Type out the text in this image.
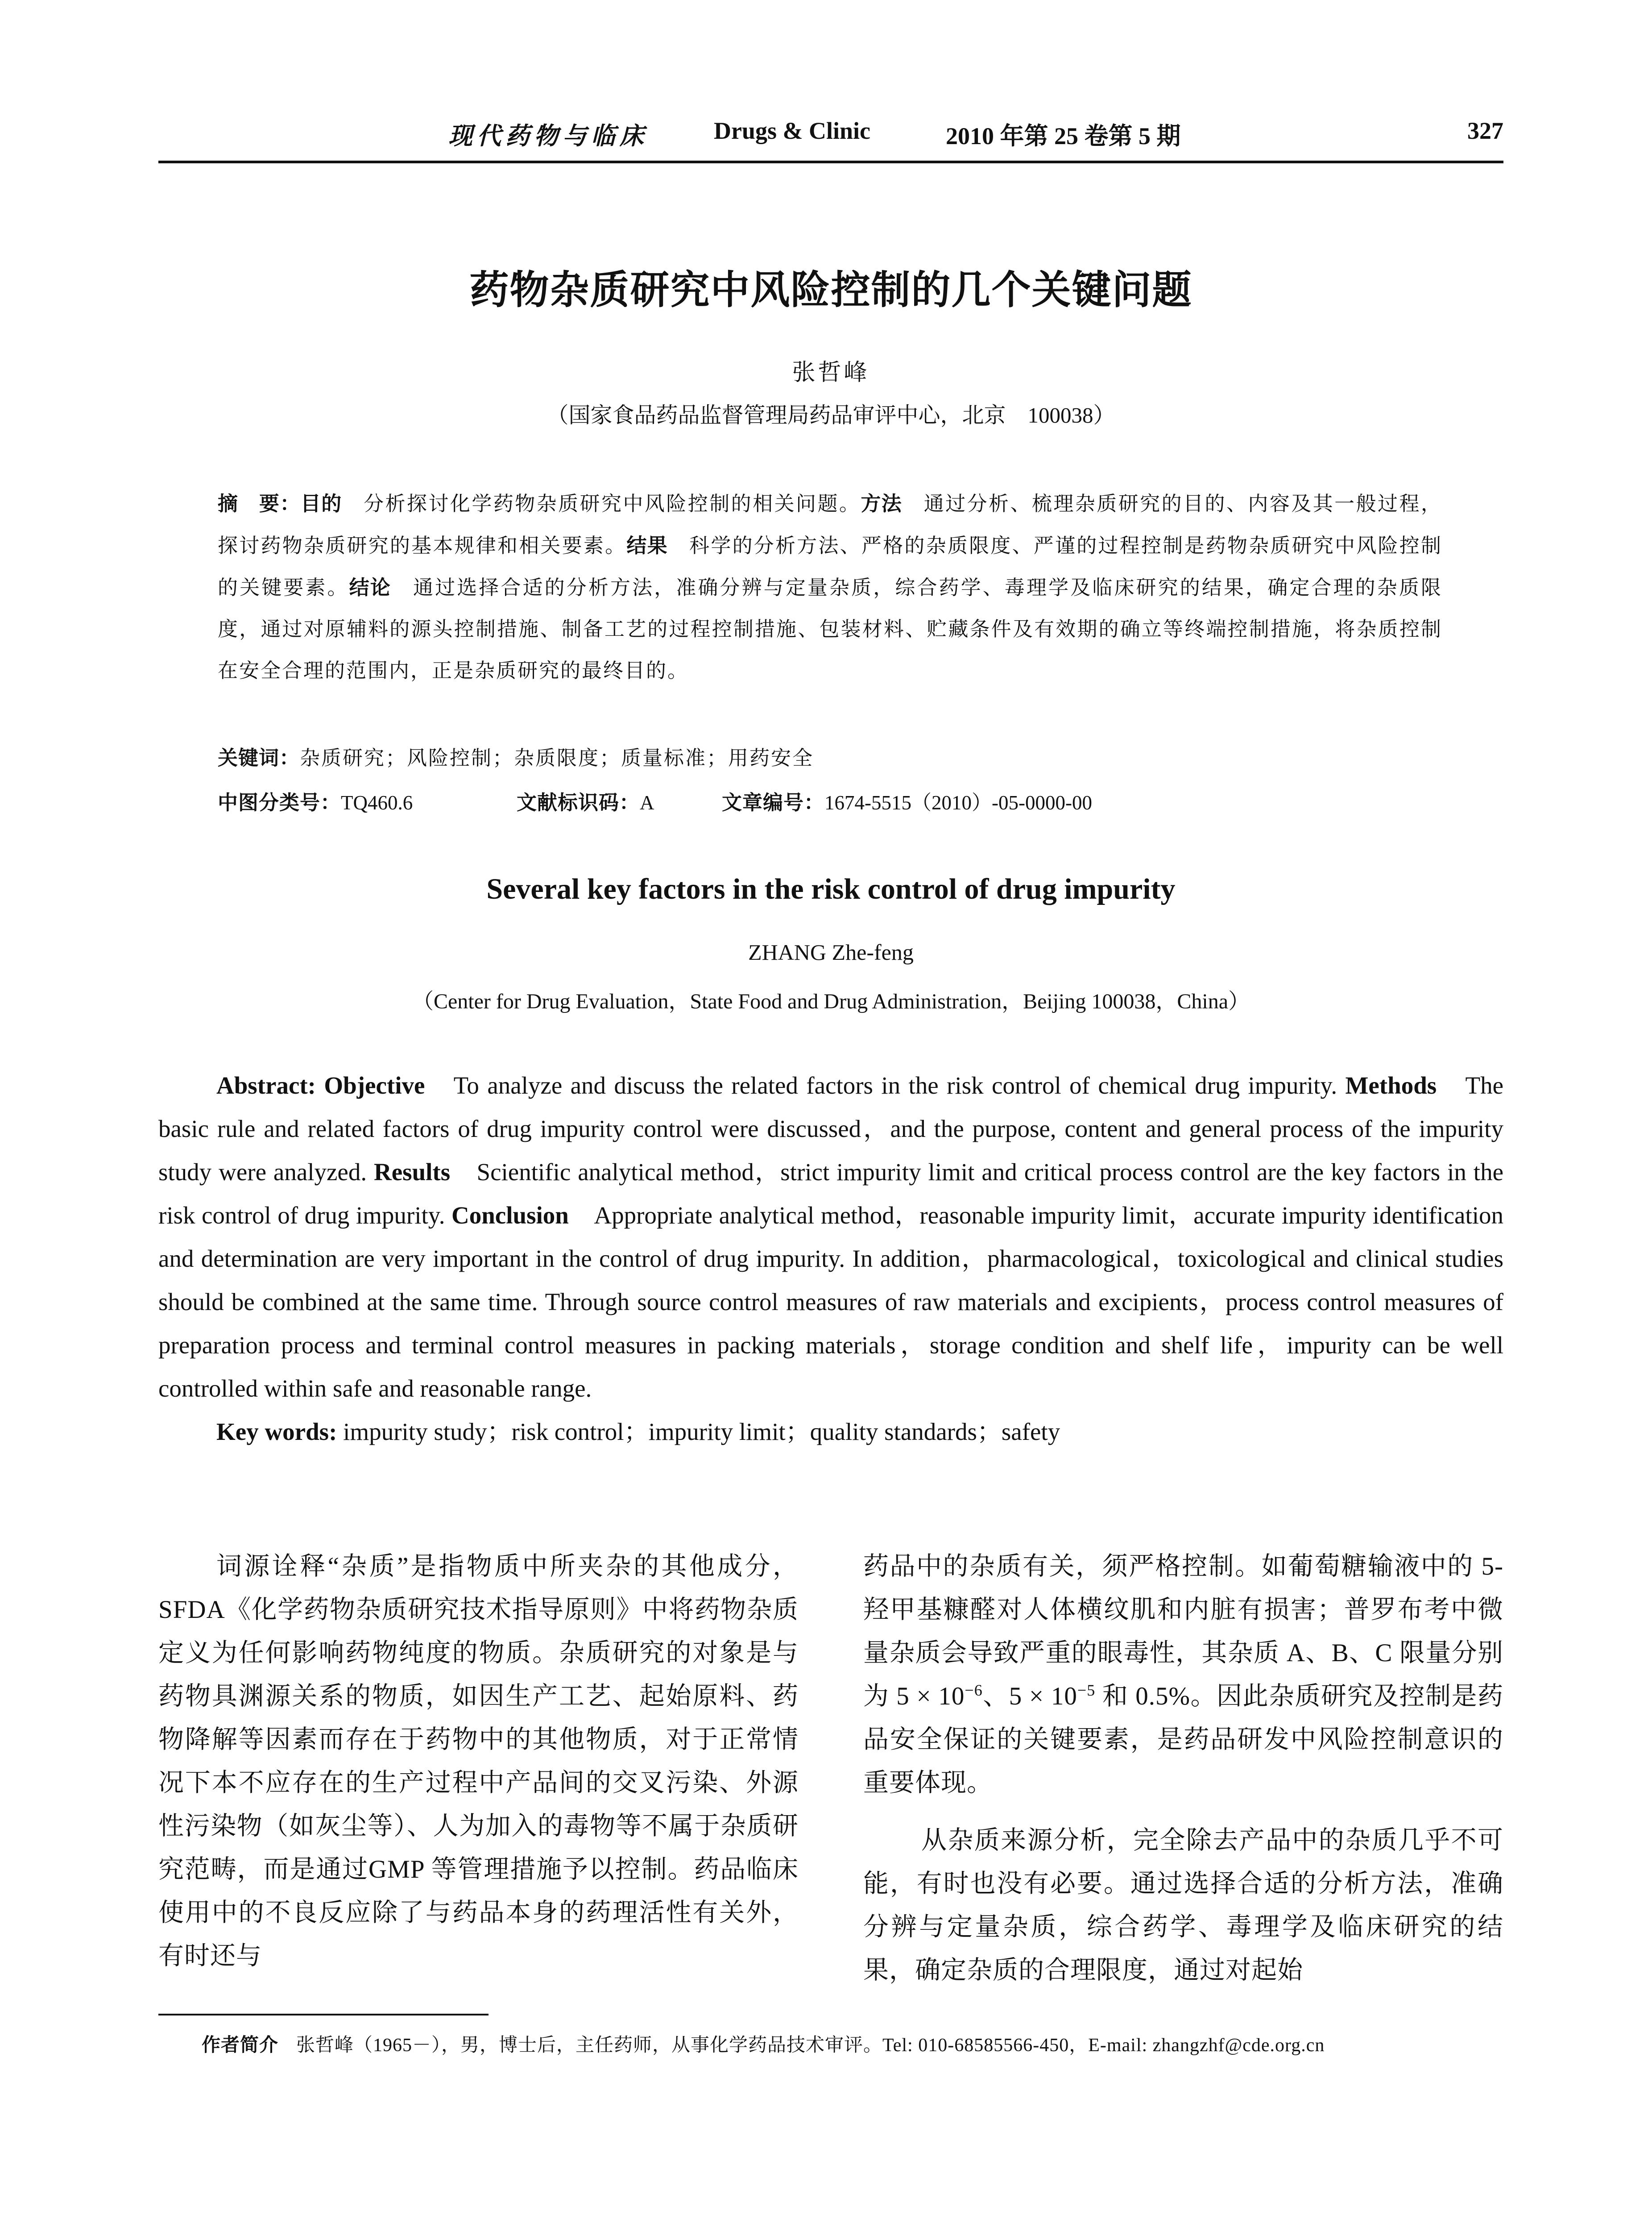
现代药物与临床	Drugs & Clinic	2010 年第 25 卷第 5 期	327
药物杂质研究中风险控制的几个关键问题
张哲峰
（国家食品药品监督管理局药品审评中心，北京　100038）

摘　要：目的　分析探讨化学药物杂质研究中风险控制的相关问题。方法　通过分析、梳理杂质研究的目的、内容及其一般过程，探讨药物杂质研究的基本规律和相关要素。结果　科学的分析方法、严格的杂质限度、严谨的过程控制是药物杂质研究中风险控制的关键要素。结论　通过选择合适的分析方法，准确分辨与定量杂质，综合药学、毒理学及临床研究的结果，确定合理的杂质限度，通过对原辅料的源头控制措施、制备工艺的过程控制措施、包装材料、贮藏条件及有效期的确立等终端控制措施，将杂质控制在安全合理的范围内，正是杂质研究的最终目的。

关键词：杂质研究；风险控制；杂质限度；质量标准；用药安全
中图分类号：TQ460.6	文献标识码：A	文章编号：1674-5515（2010）-05-0000-00
Several key factors in the risk control of drug impurity
ZHANG Zhe-feng
（Center for Drug Evaluation，State Food and Drug Administration，Beijing 100038，China）

Abstract: Objective　To analyze and discuss the related factors in the risk control of chemical drug impurity. Methods　The basic rule and related factors of drug impurity control were discussed，and the purpose, content and general process of the impurity study were analyzed. Results　Scientific analytical method，strict impurity limit and critical process control are the key factors in the risk control of drug impurity. Conclusion　Appropriate analytical method，reasonable impurity limit，accurate impurity identification and determination are very important in the control of drug impurity. In addition，pharmacological，toxicological and clinical studies should be combined at the same time. Through source control measures of raw materials and excipients，process control measures of preparation process and terminal control measures in packing materials，storage condition and shelf life，impurity can be well controlled within safe and reasonable range.

Key words: impurity study；risk control；impurity limit；quality standards；safety

词源诠释“杂质”是指物质中所夹杂的其他成分，SFDA《化学药物杂质研究技术指导原则》中将药物杂质定义为任何影响药物纯度的物质。杂质研究的对象是与药物具渊源关系的物质，如因生产工艺、起始原料、药物降解等因素而存在于药物中的其他物质，对于正常情况下本不应存在的生产过程中产品间的交叉污染、外源性污染物（如灰尘等）、人为加入的毒物等不属于杂质研究范畴，而是通过GMP 等管理措施予以控制。药品临床使用中的不良反应除了与药品本身的药理活性有关外，有时还与

药品中的杂质有关，须严格控制。如葡萄糖输液中的 5-羟甲基糠醛对人体横纹肌和内脏有损害；普罗布考中微量杂质会导致严重的眼毒性，其杂质 A、B、C 限量分别为 $5 \times 10^{-6}$、$5 \times 10^{-5}$ 和 0.5%。因此杂质研究及控制是药品安全保证的关键要素，是药品研发中风险控制意识的重要体现。

从杂质来源分析，完全除去产品中的杂质几乎不可能，有时也没有必要。通过选择合适的分析方法，准确分辨与定量杂质，综合药学、毒理学及临床研究的结果，确定杂质的合理限度，通过对起始

作者简介 张哲峰（1965－），男，博士后，主任药师，从事化学药品技术审评。Tel: 010-68585566-450，E-mail: zhangzhf@cde.org.cn
